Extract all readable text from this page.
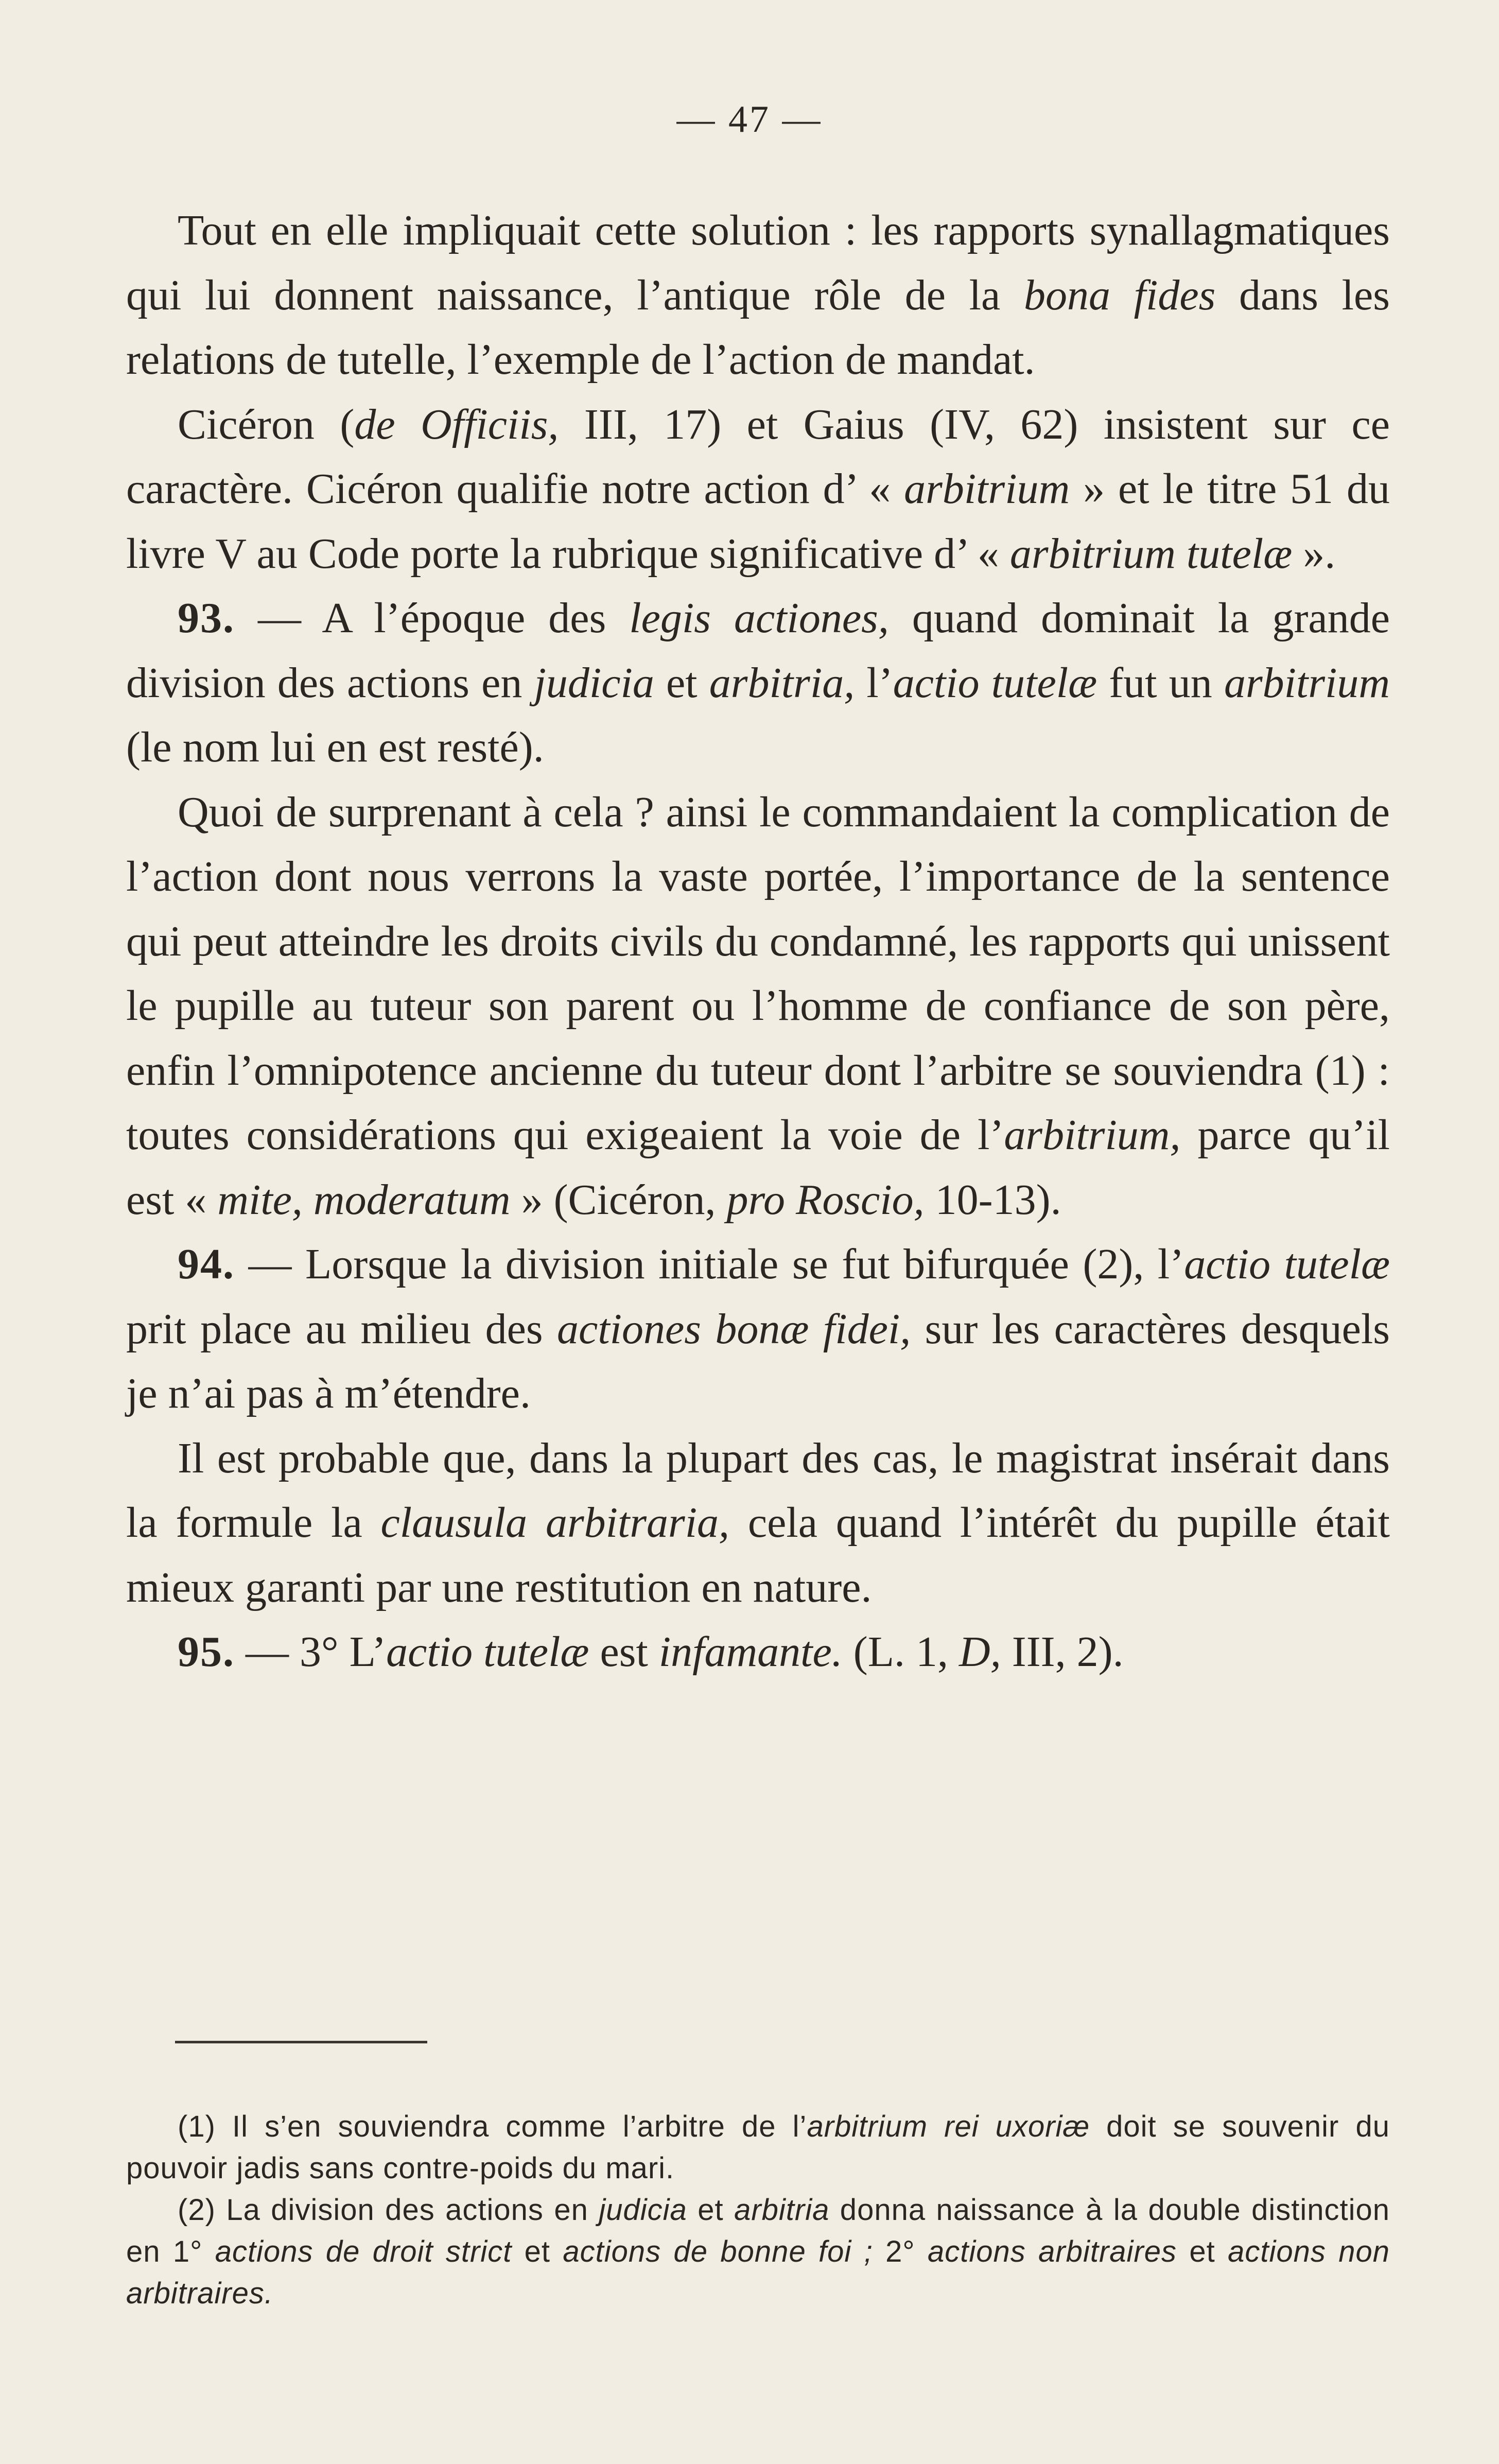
— 47 —

Tout en elle impliquait cette solution : les rapports synallagmatiques qui lui donnent naissance, l’antique rôle de la bona fides dans les relations de tutelle, l’exemple de l’action de mandat.

Cicéron (de Officiis, III, 17) et Gaius (IV, 62) insistent sur ce caractère. Cicéron qualifie notre action d’ « arbitrium » et le titre 51 du livre V au Code porte la rubrique significative d’ « arbitrium tutelæ ».

93. — A l’époque des legis actiones, quand dominait la grande division des actions en judicia et arbitria, l’actio tutelæ fut un arbitrium (le nom lui en est resté).

Quoi de surprenant à cela ? ainsi le commandaient la complication de l’action dont nous verrons la vaste portée, l’importance de la sentence qui peut atteindre les droits civils du condamné, les rapports qui unissent le pupille au tuteur son parent ou l’homme de confiance de son père, enfin l’omnipotence ancienne du tuteur dont l’arbitre se souviendra (1) : toutes considérations qui exigeaient la voie de l’arbitrium, parce qu’il est « mite, moderatum » (Cicéron, pro Roscio, 10-13).

94. — Lorsque la division initiale se fut bifurquée (2), l’actio tutelæ prit place au milieu des actiones bonæ fidei, sur les caractères desquels je n’ai pas à m’étendre.

Il est probable que, dans la plupart des cas, le magistrat insérait dans la formule la clausula arbitraria, cela quand l’intérêt du pupille était mieux garanti par une restitution en nature.

95. — 3° L’actio tutelæ est infamante. (L. 1, D, III, 2).

(1) Il s’en souviendra comme l’arbitre de l’arbitrium rei uxoriæ doit se souvenir du pouvoir jadis sans contre-poids du mari.

(2) La division des actions en judicia et arbitria donna naissance à la double distinction en 1° actions de droit strict et actions de bonne foi ; 2° actions arbitraires et actions non arbitraires.
